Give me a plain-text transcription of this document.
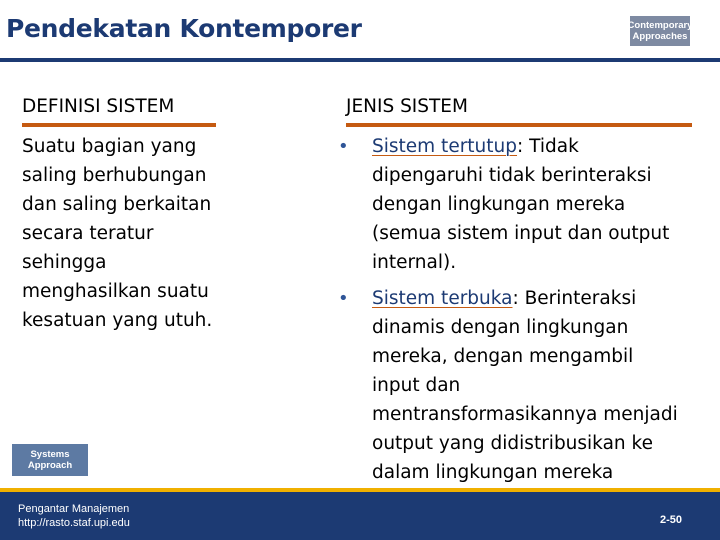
Pendekatan Kontemporer	Contemporary
Approaches
DEFINISI SISTEM
Suatu bagian yang
saling berhubungan
dan saling berkaitan
secara teratur
sehingga
menghasilkan suatu
kesatuan yang utuh.
JENIS SISTEM
• Sistem tertutup: Tidak
dipengaruhi tidak berinteraksi
dengan lingkungan mereka
(semua sistem input dan output
internal).
• Sistem terbuka: Berinteraksi
dinamis dengan lingkungan
mereka, dengan mengambil
input dan
mentransformasikannya menjadi
output yang didistribusikan ke
dalam lingkungan mereka
Systems
Approach
Pengantar Manajemen
http://rasto.staf.upi.edu	2-50
